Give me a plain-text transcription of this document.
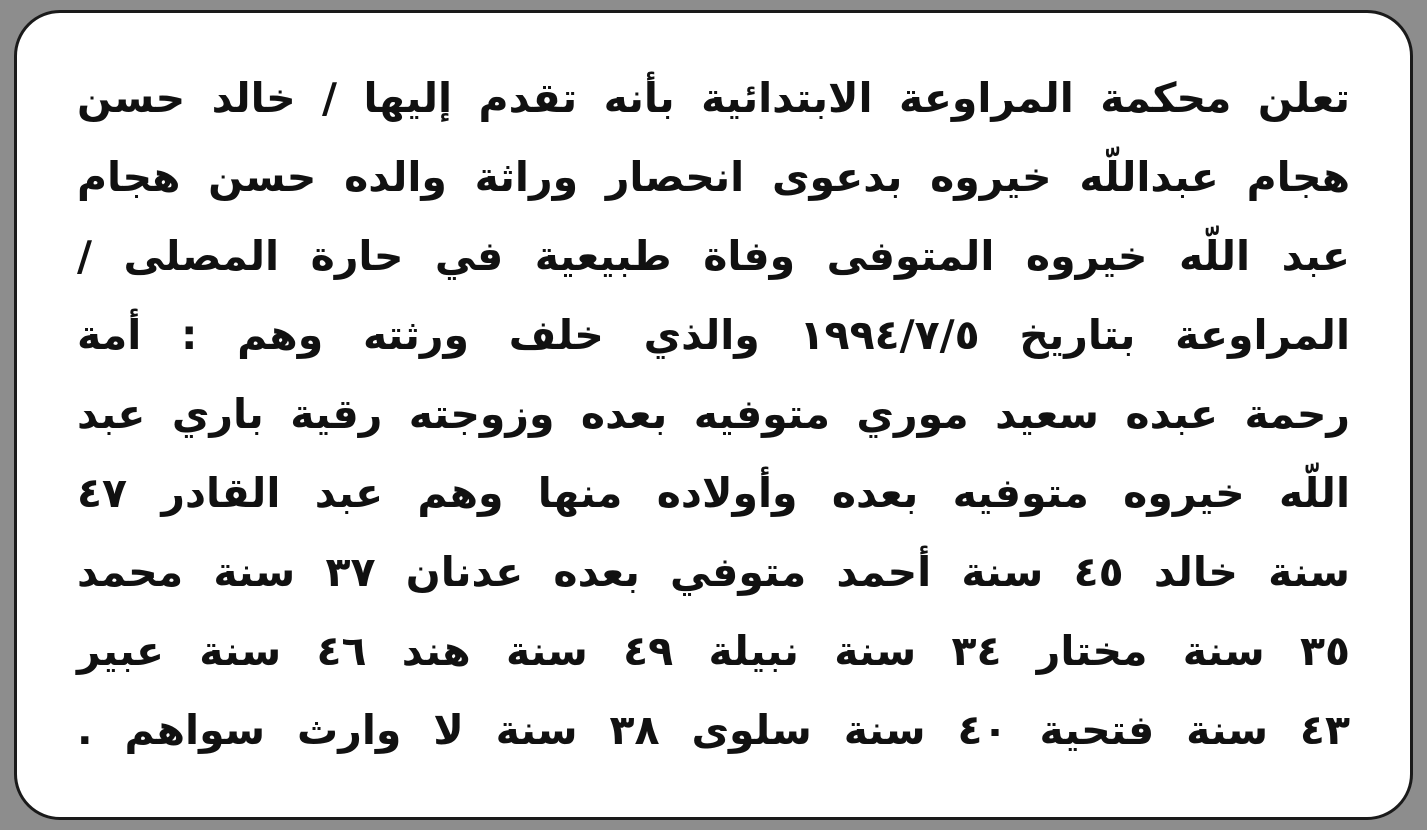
تعلن محكمة المراوعة الابتدائية بأنه تقدم إليها / خالد حسن
هجام عبداللّه خيروه بدعوى انحصار وراثة والده حسن هجام
عبد اللّه خيروه المتوفى وفاة طبيعية في حارة المصلى /
المراوعة بتاريخ ١٩٩٤/٧/٥ والذي خلف ورثته وهم : أمة
رحمة عبده سعيد موري متوفيه بعده وزوجته رقية باري عبد
اللّه خيروه متوفيه بعده وأولاده منها وهم عبد القادر ٤٧
سنة خالد ٤٥ سنة أحمد متوفي بعده عدنان ٣٧ سنة محمد
٣٥ سنة مختار ٣٤ سنة نبيلة ٤٩ سنة هند ٤٦ سنة عبير
٤٣ سنة فتحية ٤٠ سنة سلوى ٣٨ سنة لا وارث سواهم .
